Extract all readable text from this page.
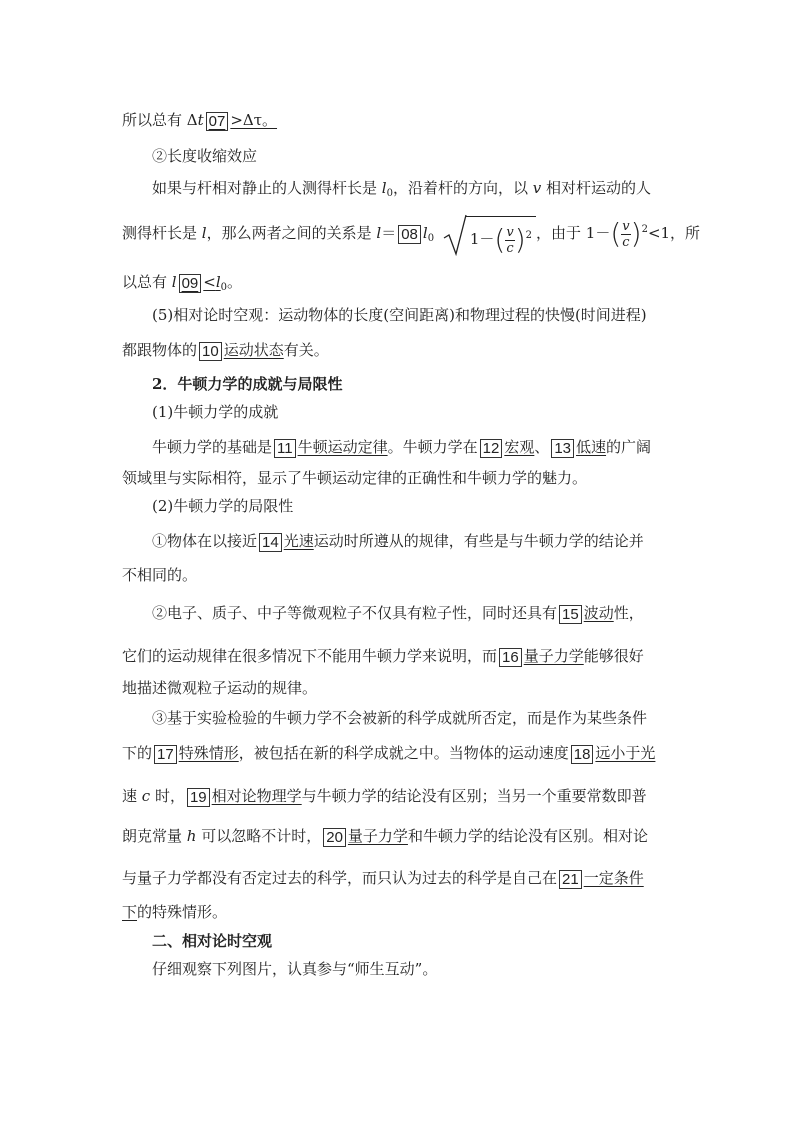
所以总有 Δt 07 >Δτ。
②长度收缩效应
如果与杆相对静止的人测得杆长是 $l_0$，沿着杆的方向，以 v 相对杆运动的人
测得杆长是 l，那么两者之间的关系是 l＝ 08 $l_0$ $1-( \frac{v}{c} )^2$ ，由于 $1-( \frac{v}{c} )^2<1$，所
以总有 l $09 <l_0$。
(5)相对论时空观：运动物体的长度(空间距离)和物理过程的快慢(时间进程)
都跟物体的 10 运动状态有关。
2．牛顿力学的成就与局限性
(1)牛顿力学的成就
牛顿力学的基础是 11 牛顿运动定律。牛顿力学在 12 宏观、 13 低速的广阔
领域里与实际相符，显示了牛顿运动定律的正确性和牛顿力学的魅力。
(2)牛顿力学的局限性
①物体在以接近 14 光速运动时所遵从的规律，有些是与牛顿力学的结论并
不相同的。
②电子、质子、中子等微观粒子不仅具有粒子性，同时还具有 15 波动性，
它们的运动规律在很多情况下不能用牛顿力学来说明，而 16 量子力学能够很好
地描述微观粒子运动的规律。
③基于实验检验的牛顿力学不会被新的科学成就所否定，而是作为某些条件
下的 17 特殊情形，被包括在新的科学成就之中。当物体的运动速度 18 远小于光
速 c 时， 19 相对论物理学与牛顿力学的结论没有区别；当另一个重要常数即普
朗克常量 h 可以忽略不计时， 20 量子力学和牛顿力学的结论没有区别。相对论
与量子力学都没有否定过去的科学，而只认为过去的科学是自己在 21 一定条件
下的特殊情形。
二、相对论时空观
仔细观察下列图片，认真参与“师生互动”。
